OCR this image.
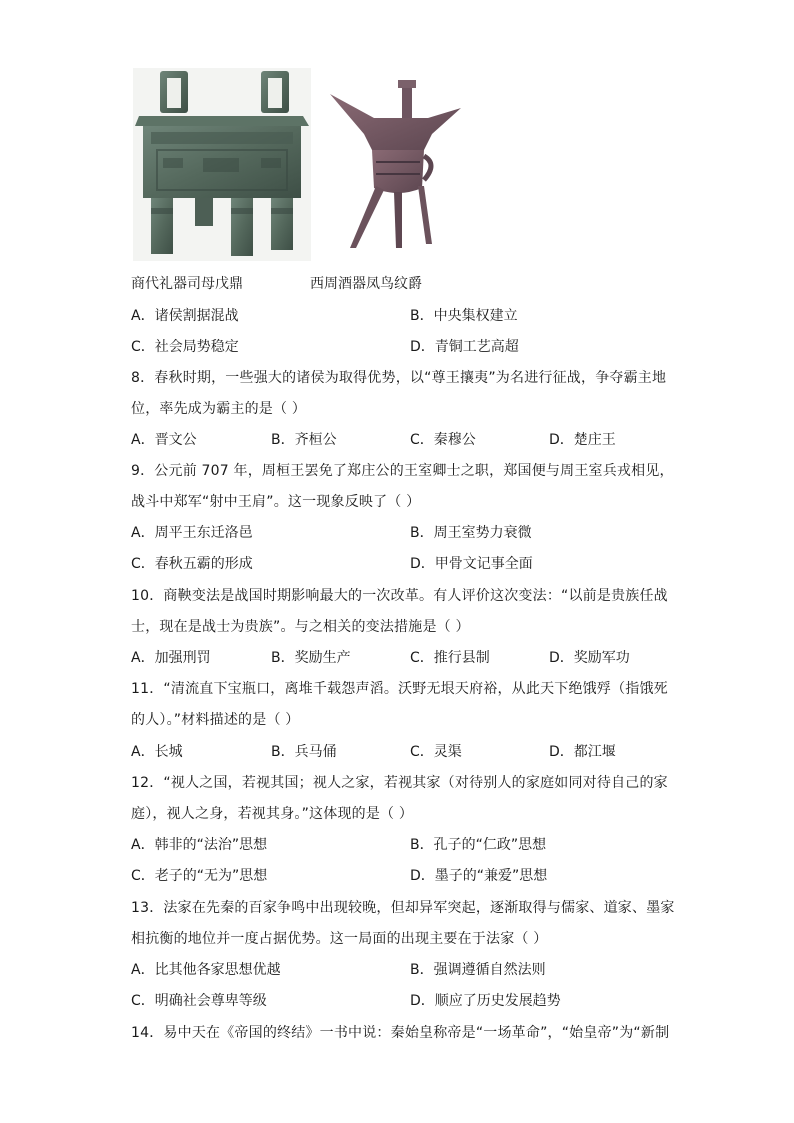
商代礼器司母戊鼎	西周酒器凤鸟纹爵
A．诸侯割据混战	B．中央集权建立
C．社会局势稳定	D．青铜工艺高超
8．春秋时期，一些强大的诸侯为取得优势，以“尊王攘夷”为名进行征战，争夺霸主地
位，率先成为霸主的是（ ）
A．晋文公	B．齐桓公	C．秦穆公	D．楚庄王
9．公元前 707 年，周桓王罢免了郑庄公的王室卿士之职，郑国便与周王室兵戎相见，
战斗中郑军“射中王肩”。这一现象反映了（ ）
A．周平王东迁洛邑	B．周王室势力衰微
C．春秋五霸的形成	D．甲骨文记事全面
10．商鞅变法是战国时期影响最大的一次改革。有人评价这次变法：“以前是贵族任战
士，现在是战士为贵族”。与之相关的变法措施是（ ）
A．加强刑罚	B．奖励生产	C．推行县制	D．奖励军功
11．“清流直下宝瓶口，离堆千载怨声滔。沃野无垠天府裕，从此天下绝饿殍（指饿死
的人）。”材料描述的是（ ）
A．长城	B．兵马俑	C．灵渠	D．都江堰
12．“视人之国，若视其国；视人之家，若视其家（对待别人的家庭如同对待自己的家
庭），视人之身，若视其身。”这体现的是（ ）
A．韩非的“法治”思想	B．孔子的“仁政”思想
C．老子的“无为”思想	D．墨子的“兼爱”思想
13．法家在先秦的百家争鸣中出现较晚，但却异军突起，逐渐取得与儒家、道家、墨家
相抗衡的地位并一度占据优势。这一局面的出现主要在于法家（ ）
A．比其他各家思想优越	B．强调遵循自然法则
C．明确社会尊卑等级	D．顺应了历史发展趋势
14．易中天在《帝国的终结》一书中说：秦始皇称帝是“一场革命”，“始皇帝”为“新制
